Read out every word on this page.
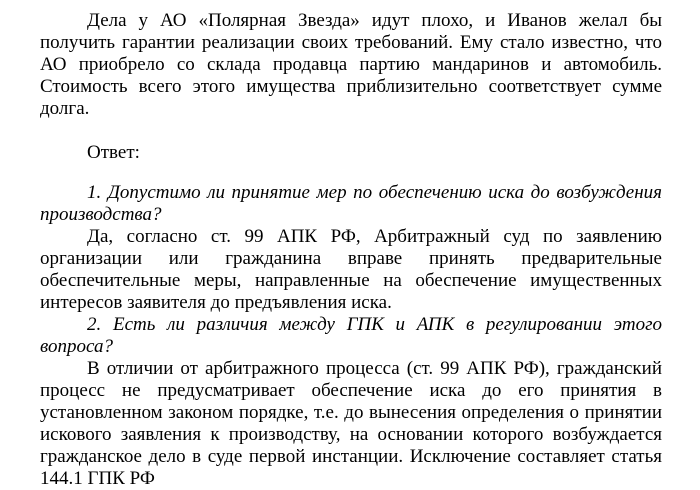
Дела у АО «Полярная Звезда» идут плохо, и Иванов желал бы получить гарантии реализации своих требований. Ему стало известно, что АО приобрело со склада продавца партию мандаринов и автомобиль. Стоимость всего этого имущества приблизительно соответствует сумме долга.

Ответ:

1. Допустимо ли принятие мер по обеспечению иска до возбуждения производства?

Да, согласно ст. 99 АПК РФ, Арбитражный суд по заявлению организации или гражданина вправе принять предварительные обеспечительные меры, направленные на обеспечение имущественных интересов заявителя до предъявления иска.

2. Есть ли различия между ГПК и АПК в регулировании этого вопроса?

В отличии от арбитражного процесса (ст. 99 АПК РФ), гражданский процесс не предусматривает обеспечение иска до его принятия в установленном законом порядке, т.е. до вынесения определения о принятии искового заявления к производству, на основании которого возбуждается гражданское дело в суде первой инстанции. Исключение составляет статья 144.1 ГПК РФ
